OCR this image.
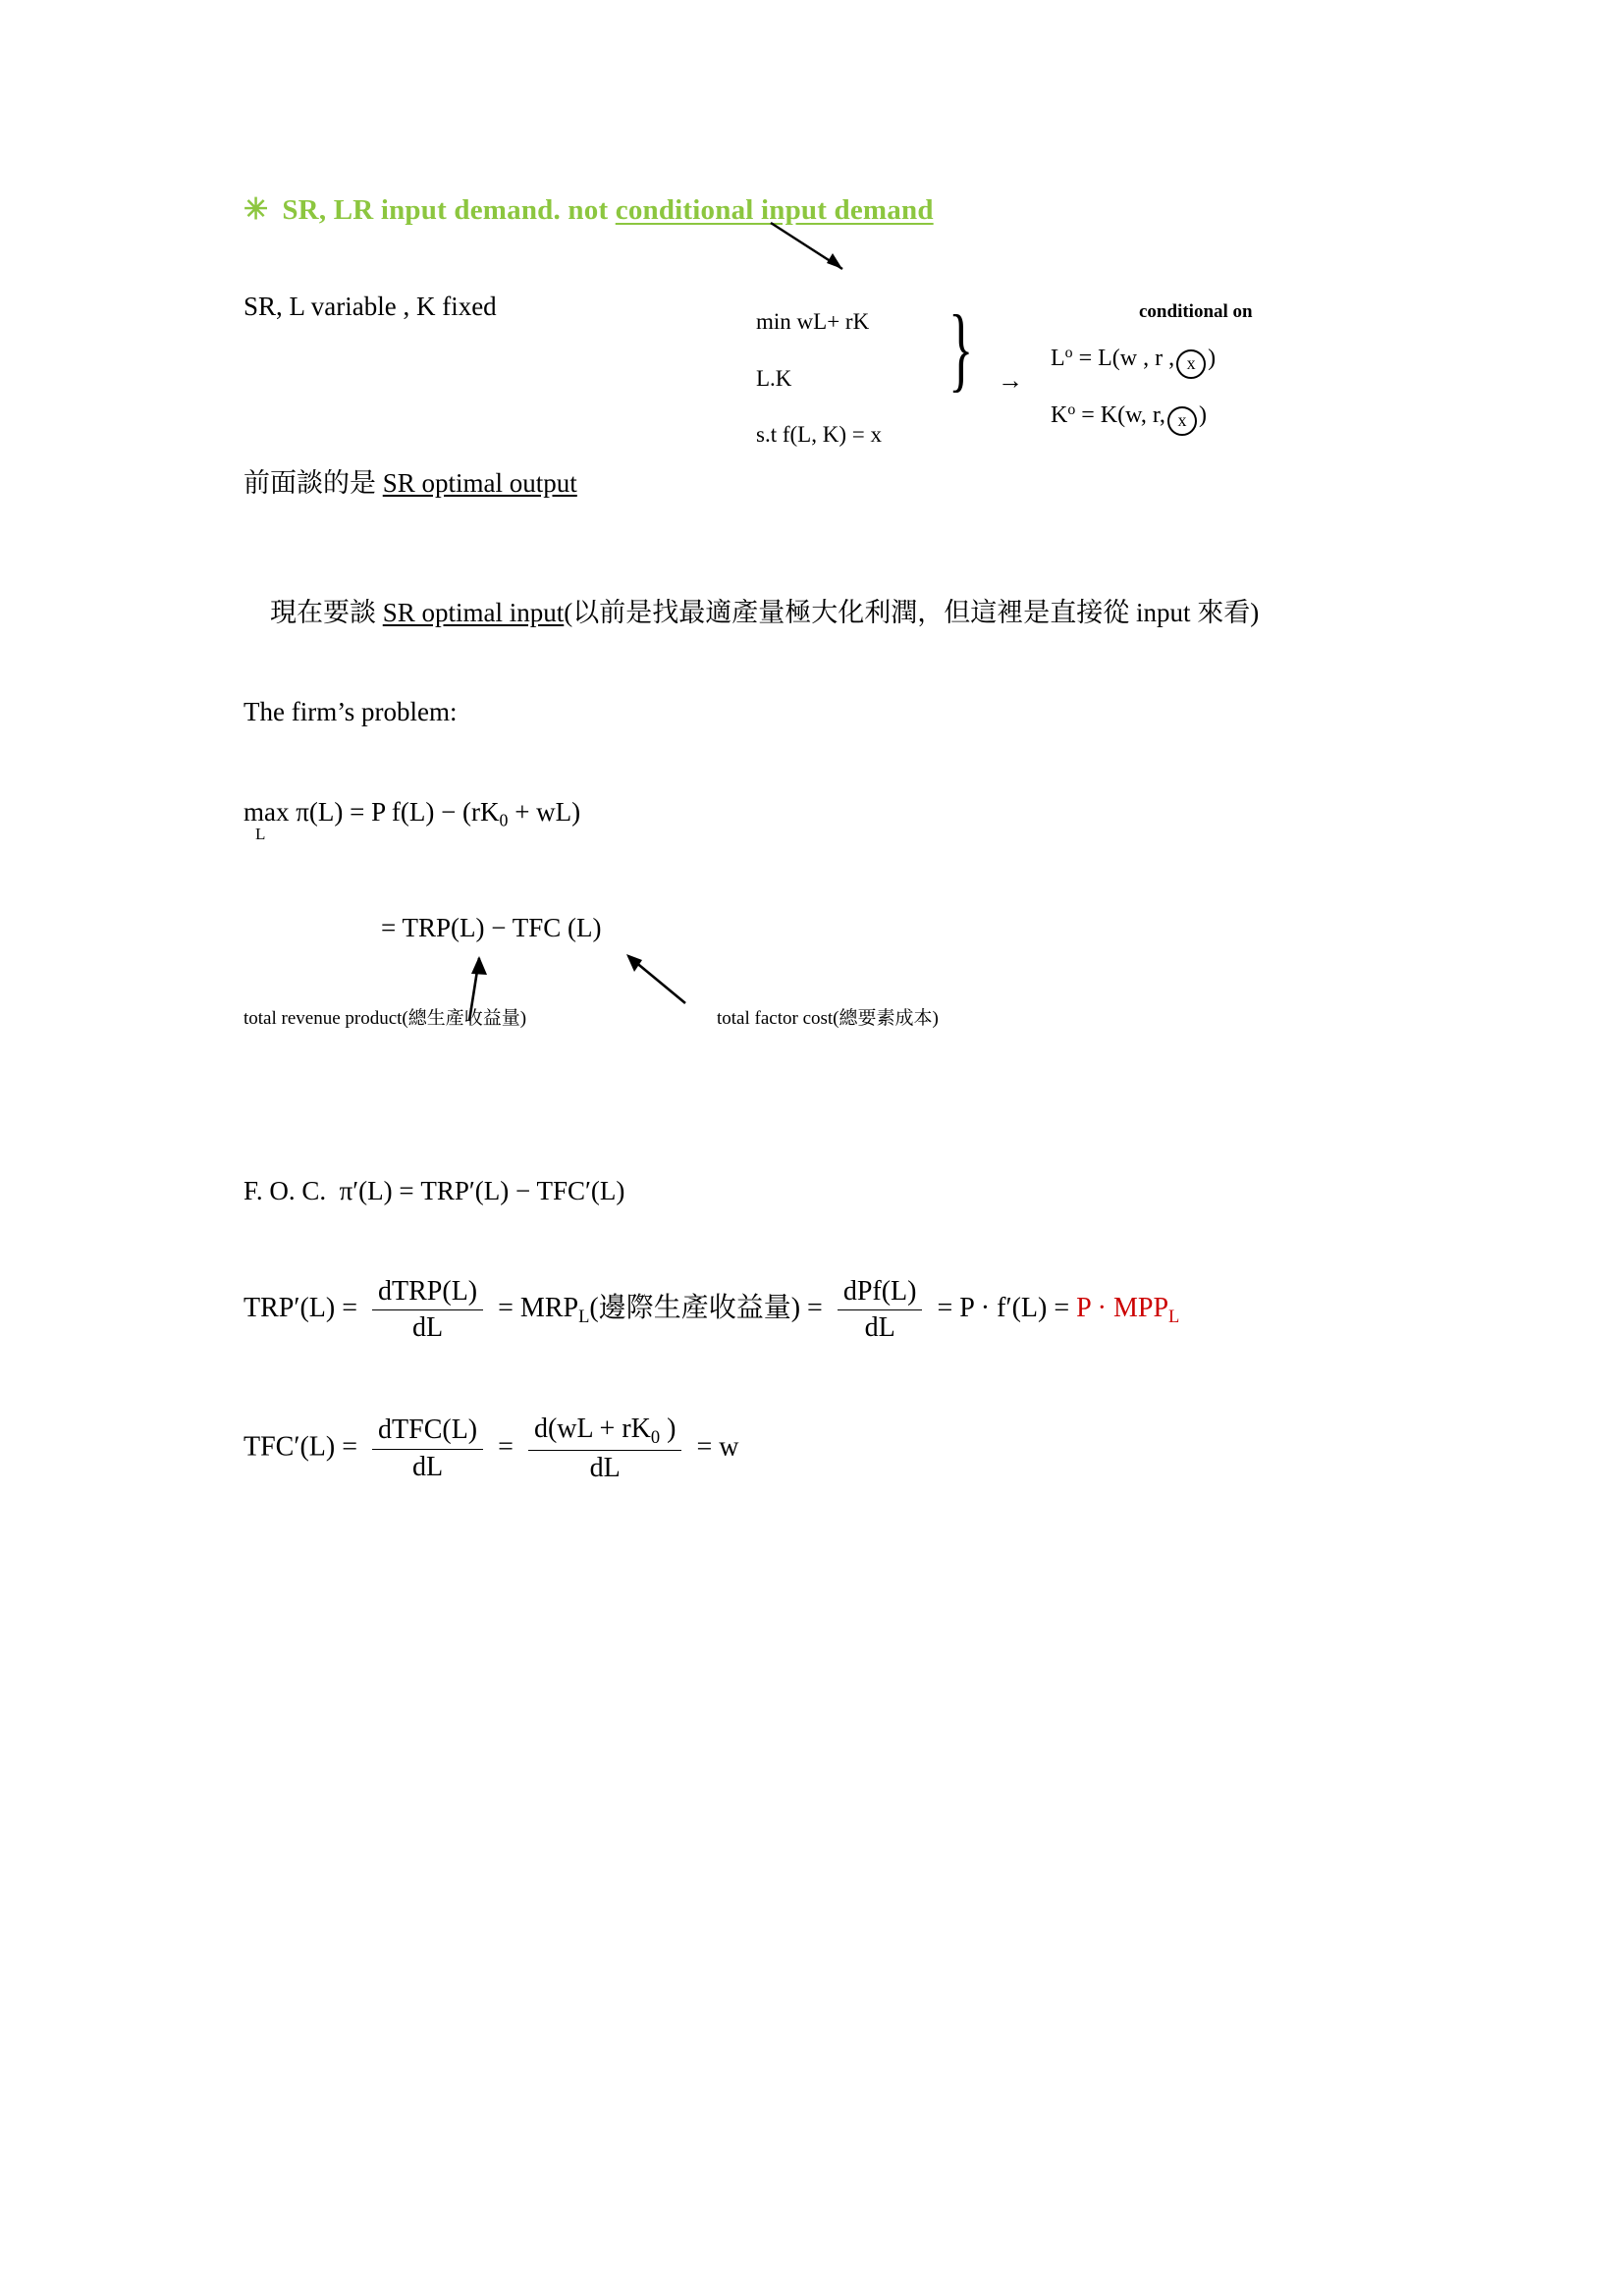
✳ SR, LR input demand. not conditional input demand
SR, L variable , K fixed
min wL+ rK
L.K
s.t f(L, K) = x
} →
conditional on
$L^o = L(w$ , r , x )
$K^o = K(w$, r, x )
前面談的是 SR optimal output

現在要談 SR optimal input(以前是找最適產量極大化利潤，但這裡是直接從 input 來看)

The firm’s problem:
max
L
π(L) = P $f(L) - (rK_0 + wL)$
= TRP(L) − TFC (L)
total revenue product(總生產收益量)	total factor cost(總要素成本)
F. O. C. π′(L) = TRP′(L) − TFC′(L)
$TRP'(L) = \frac{\text{dTRP(L)}}{dL} = MRP_L$(邊際生產收益量) = $\frac{\text{dPf(L)}}{dL} = P \cdot f'(L) = P \cdot MPP_L$
$TFC'(L) = \frac{\text{dTFC(L)}}{dL} = \frac{d(wL + rK_0 )}{dL} = w$
